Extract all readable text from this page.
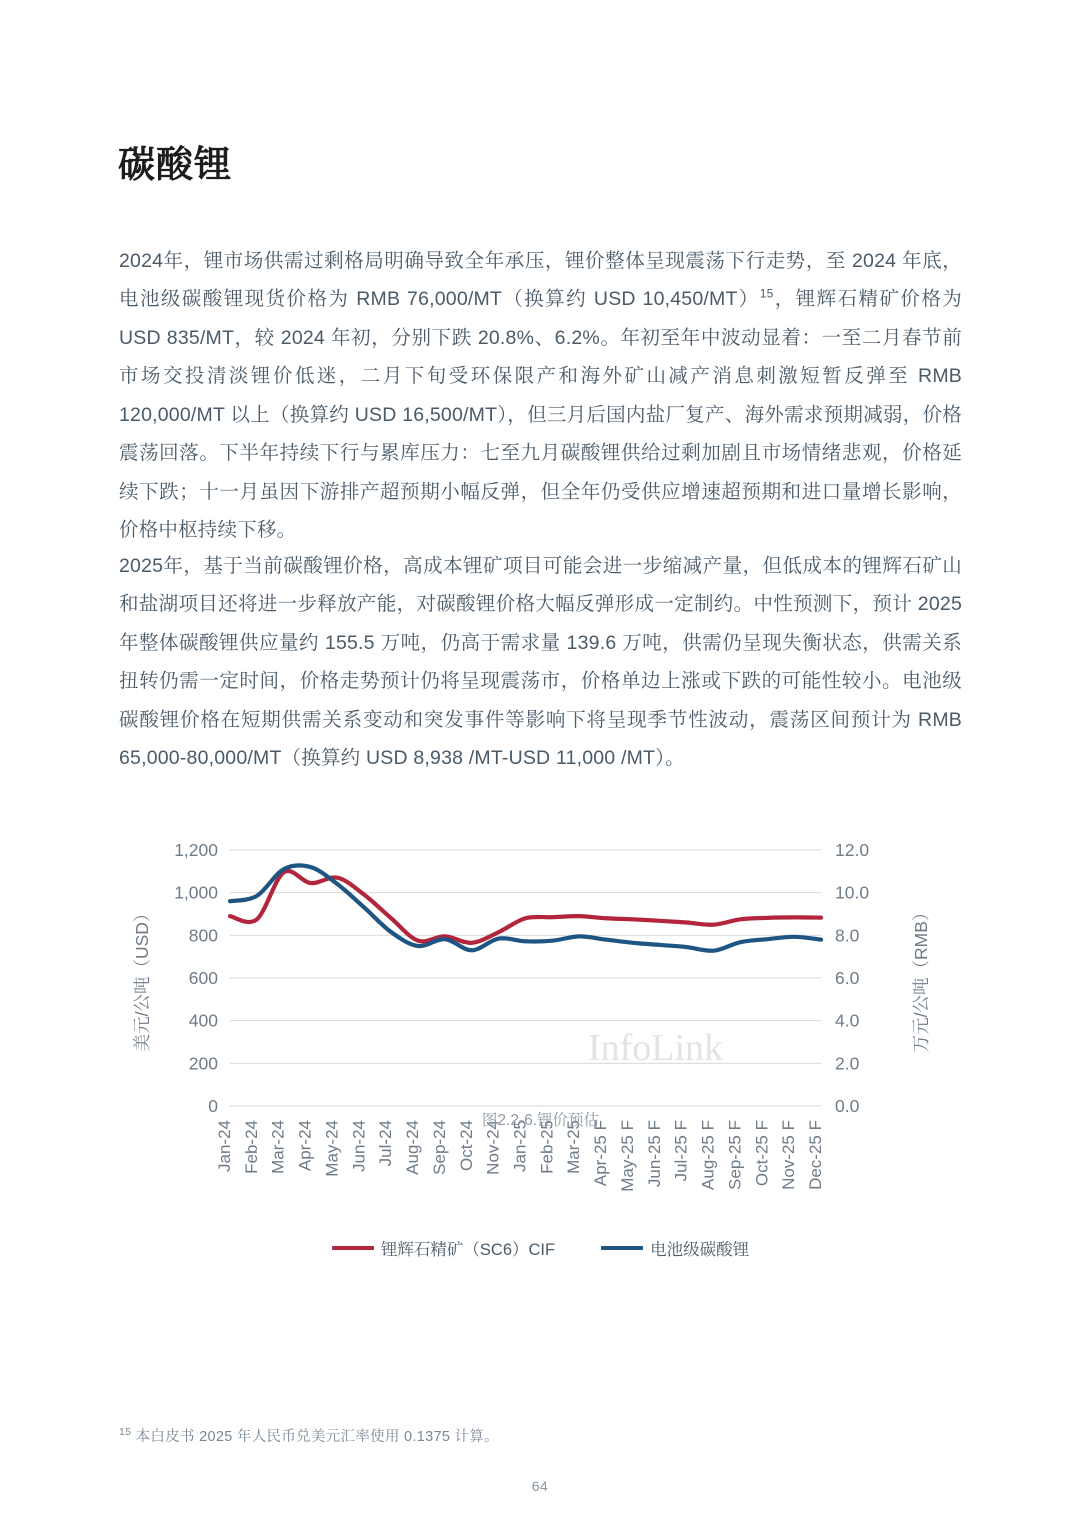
碳酸锂

2024年，锂市场供需过剩格局明确导致全年承压，锂价整体呈现震荡下行走势，至 2024 年底，电池级碳酸锂现货价格为 RMB 76,000/MT（换算约 USD 10,450/MT）$^{15}$，锂辉石精矿价格为 USD 835/MT，较 2024 年初，分别下跌 20.8%、6.2%。年初至年中波动显着：一至二月春节前市场交投清淡锂价低迷，二月下旬受环保限产和海外矿山减产消息刺激短暂反弹至 RMB 120,000/MT 以上（换算约 USD 16,500/MT），但三月后国内盐厂复产、海外需求预期减弱，价格震荡回落。下半年持续下行与累库压力：七至九月碳酸锂供给过剩加剧且市场情绪悲观，价格延续下跌；十一月虽因下游排产超预期小幅反弹，但全年仍受供应增速超预期和进口量增长影响，价格中枢持续下移。

2025年，基于当前碳酸锂价格，高成本锂矿项目可能会进一步缩减产量，但低成本的锂辉石矿山和盐湖项目还将进一步释放产能，对碳酸锂价格大幅反弹形成一定制约。中性预测下，预计 2025 年整体碳酸锂供应量约 155.5 万吨，仍高于需求量 139.6 万吨，供需仍呈现失衡状态，供需关系扭转仍需一定时间，价格走势预计仍将呈现震荡市，价格单边上涨或下跌的可能性较小。电池级碳酸锂价格在短期供需关系变动和突发事件等影响下将呈现季节性波动，震荡区间预计为 RMB 65,000-80,000/MT（换算约 USD 8,938 /MT-USD 11,000 /MT）。

0
200
400
600
800
1,000
1,200
0.0
2.0
4.0
6.0
8.0
10.0
12.0
InfoLink
Jan-24 Feb-24 Mar-24 Apr-24 May-24 Jun-24 Jul-24 Aug-24 Sep-24 Oct-24 Nov-24 Jan-25 Feb-25 Mar-25 Apr-25 F May-25 F Jun-25 F Jul-25 F Aug-25 F Sep-25 F Oct-25 F Nov-25 F Dec-25 F
美元/公吨（USD）	万元/公吨（RMB）
图2.2-6.锂价预估
锂辉石精矿（SC6）CIF	电池级碳酸锂
$^{15}$ 本白皮书 2025 年人民币兑美元汇率使用 0.1375 计算。
64
